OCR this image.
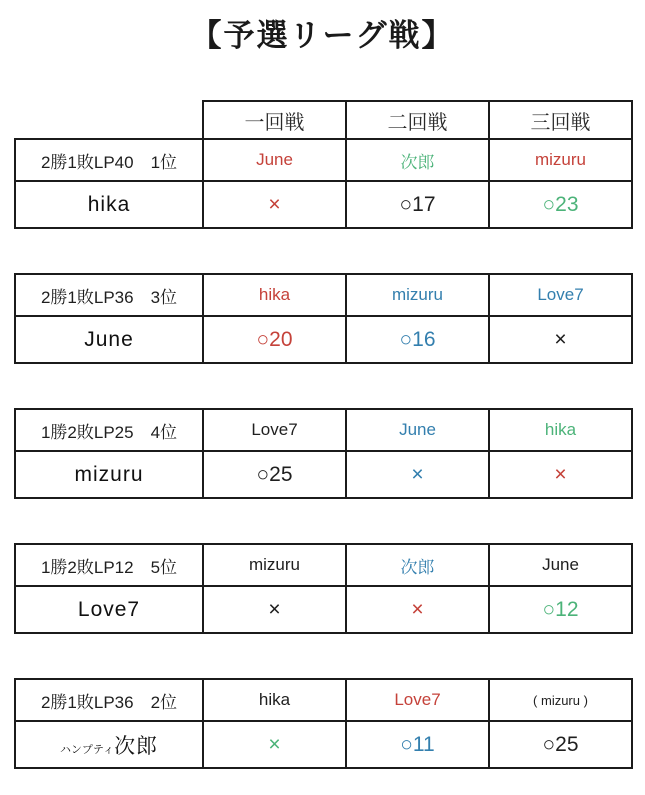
【予選リーグ戦】
	一回戦	二回戦	三回戦
2勝1敗LP40　1位	June	次郎	mizuru
hika	×	○17	○23
2勝1敗LP36　3位	hika	mizuru	Love7
June	○20	○16	×
1勝2敗LP25　4位	Love7	June	hika
mizuru	○25	×	×
1勝2敗LP12　5位	mizuru	次郎	June
Love7	×	×	○12
2勝1敗LP36　2位	hika	Love7	( mizuru )
ハンプティ次郎	×	○11	○25
